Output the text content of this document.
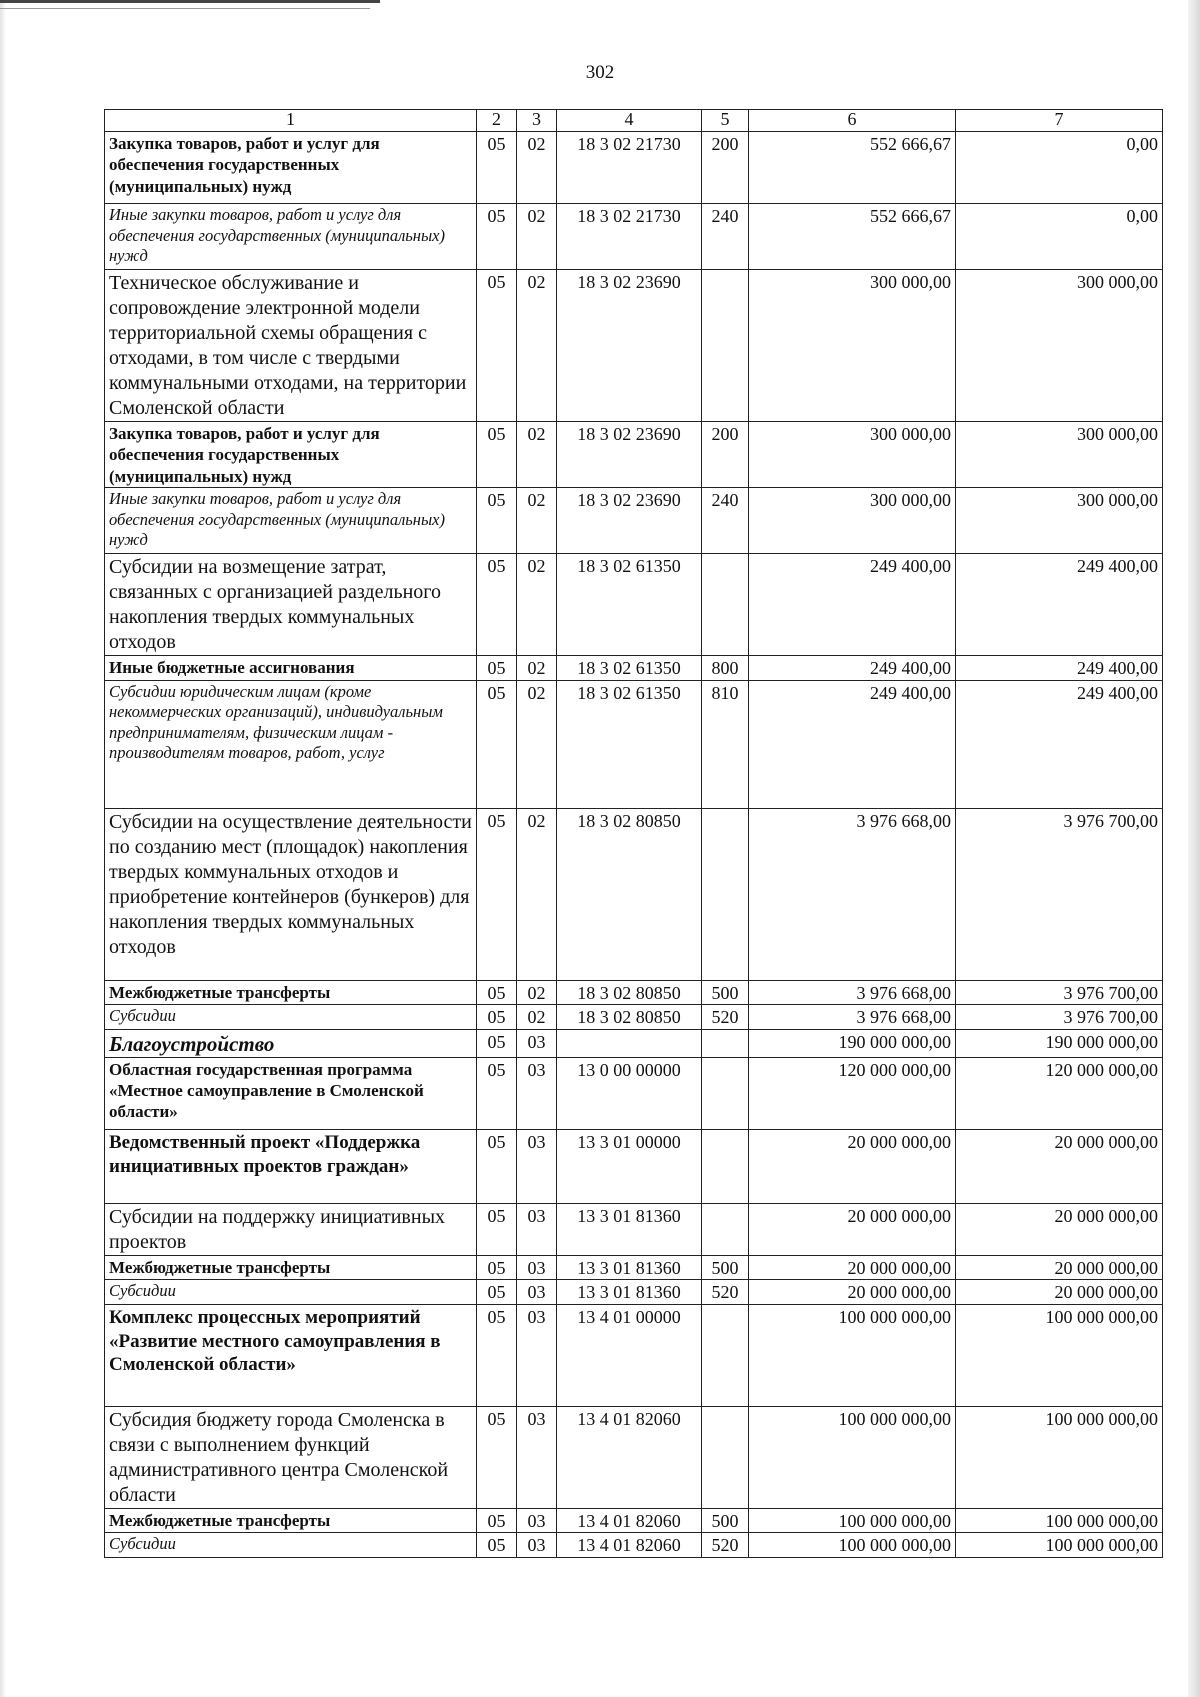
302
1	2	3	4	5	6	7
Закупка товаров, работ и услуг для обеспечения государственных (муниципальных) нужд	05	02	18 3 02 21730	200	552 666,67	0,00
Иные закупки товаров, работ и услуг для обеспечения государственных (муниципальных) нужд	05	02	18 3 02 21730	240	552 666,67	0,00
Техническое обслуживание и сопровождение электронной модели территориальной схемы обращения с отходами, в том числе с твердыми коммунальными отходами, на территории Смоленской области	05	02	18 3 02 23690		300 000,00	300 000,00
Закупка товаров, работ и услуг для обеспечения государственных (муниципальных) нужд	05	02	18 3 02 23690	200	300 000,00	300 000,00
Иные закупки товаров, работ и услуг для обеспечения государственных (муниципальных) нужд	05	02	18 3 02 23690	240	300 000,00	300 000,00
Субсидии на возмещение затрат, связанных с организацией раздельного накопления твердых коммунальных отходов	05	02	18 3 02 61350		249 400,00	249 400,00
Иные бюджетные ассигнования	05	02	18 3 02 61350	800	249 400,00	249 400,00
Субсидии юридическим лицам (кроме некоммерческих организаций), индивидуальным предпринимателям, физическим лицам - производителям товаров, работ, услуг	05	02	18 3 02 61350	810	249 400,00	249 400,00
Субсидии на осуществление деятельности по созданию мест (площадок) накопления твердых коммунальных отходов и приобретение контейнеров (бункеров) для накопления твердых коммунальных отходов	05	02	18 3 02 80850		3 976 668,00	3 976 700,00
Межбюджетные трансферты	05	02	18 3 02 80850	500	3 976 668,00	3 976 700,00
Субсидии	05	02	18 3 02 80850	520	3 976 668,00	3 976 700,00
Благоустройство	05	03			190 000 000,00	190 000 000,00
Областная государственная программа «Местное самоуправление в Смоленской области»	05	03	13 0 00 00000		120 000 000,00	120 000 000,00
Ведомственный проект «Поддержка инициативных проектов граждан»	05	03	13 3 01 00000		20 000 000,00	20 000 000,00
Субсидии на поддержку инициативных проектов	05	03	13 3 01 81360		20 000 000,00	20 000 000,00
Межбюджетные трансферты	05	03	13 3 01 81360	500	20 000 000,00	20 000 000,00
Субсидии	05	03	13 3 01 81360	520	20 000 000,00	20 000 000,00
Комплекс процессных мероприятий «Развитие местного самоуправления в Смоленской области»	05	03	13 4 01 00000		100 000 000,00	100 000 000,00
Субсидия бюджету города Смоленска в связи с выполнением функций административного центра Смоленской области	05	03	13 4 01 82060		100 000 000,00	100 000 000,00
Межбюджетные трансферты	05	03	13 4 01 82060	500	100 000 000,00	100 000 000,00
Субсидии	05	03	13 4 01 82060	520	100 000 000,00	100 000 000,00
